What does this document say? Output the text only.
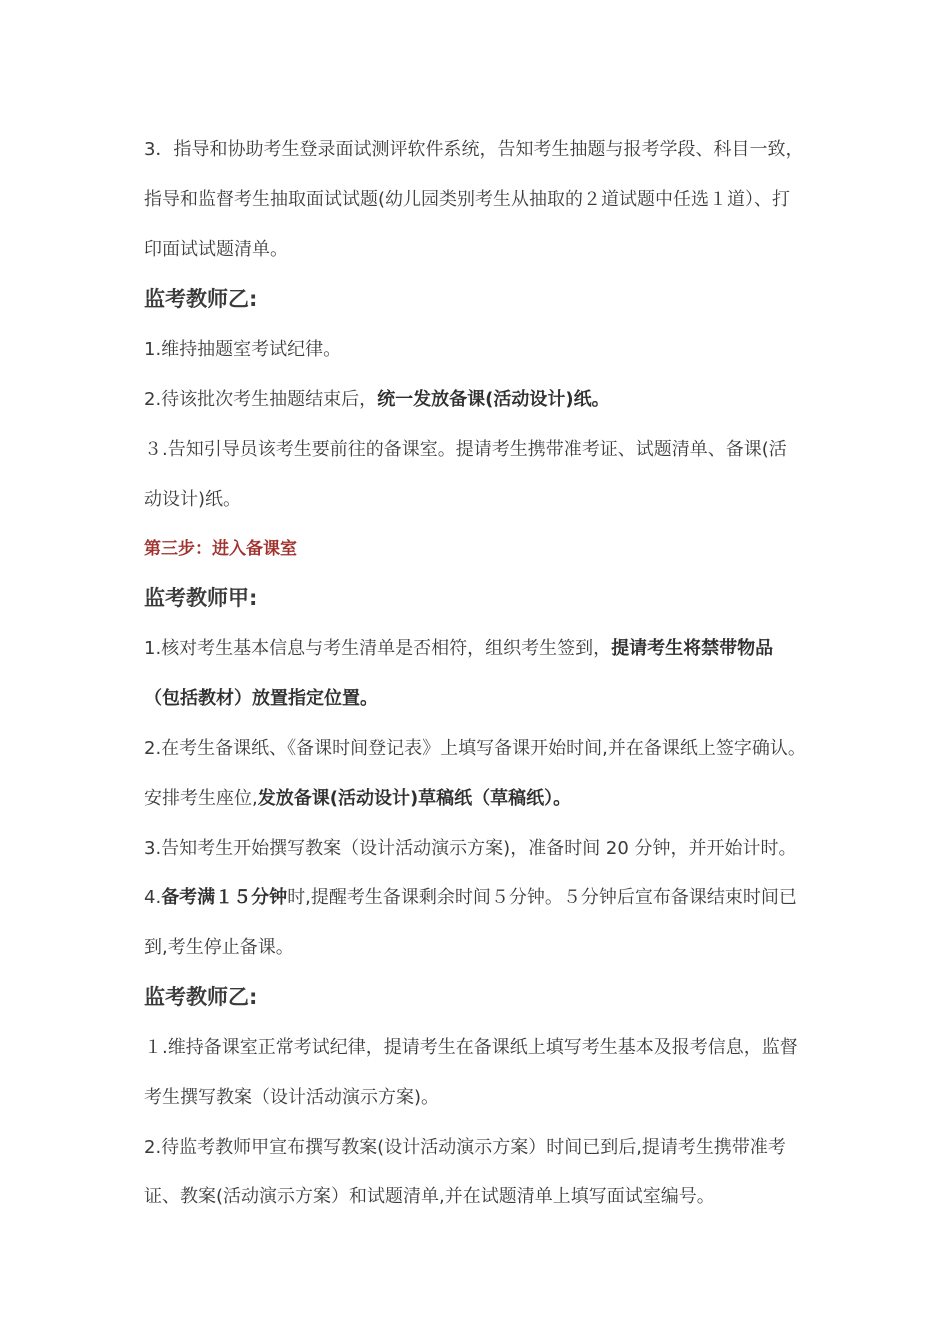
3．指导和协助考生登录面试测评软件系统，告知考生抽题与报考学段、科目一致，
指导和监督考生抽取面试试题(幼儿园类别考生从抽取的２道试题中任选１道）、打
印面试试题清单。
监考教师乙:
1.维持抽题室考试纪律。
2.待该批次考生抽题结束后，统一发放备课(活动设计)纸。
３.告知引导员该考生要前往的备课室。提请考生携带准考证、试题清单、备课(活
动设计)纸。
第三步：进入备课室
监考教师甲:
1.核对考生基本信息与考生清单是否相符，组织考生签到，提请考生将禁带物品
（包括教材）放置指定位置。
2.在考生备课纸、《备课时间登记表》上填写备课开始时间,并在备课纸上签字确认。
安排考生座位,发放备课(活动设计)草稿纸（草稿纸）。
3.告知考生开始撰写教案（设计活动演示方案)，准备时间 20 分钟，并开始计时。
4.备考满１５分钟时,提醒考生备课剩余时间５分钟。５分钟后宣布备课结束时间已
到,考生停止备课。
监考教师乙:
１.维持备课室正常考试纪律，提请考生在备课纸上填写考生基本及报考信息，监督
考生撰写教案（设计活动演示方案)。
2.待监考教师甲宣布撰写教案(设计活动演示方案）时间已到后,提请考生携带准考
证、教案(活动演示方案）和试题清单,并在试题清单上填写面试室编号。
